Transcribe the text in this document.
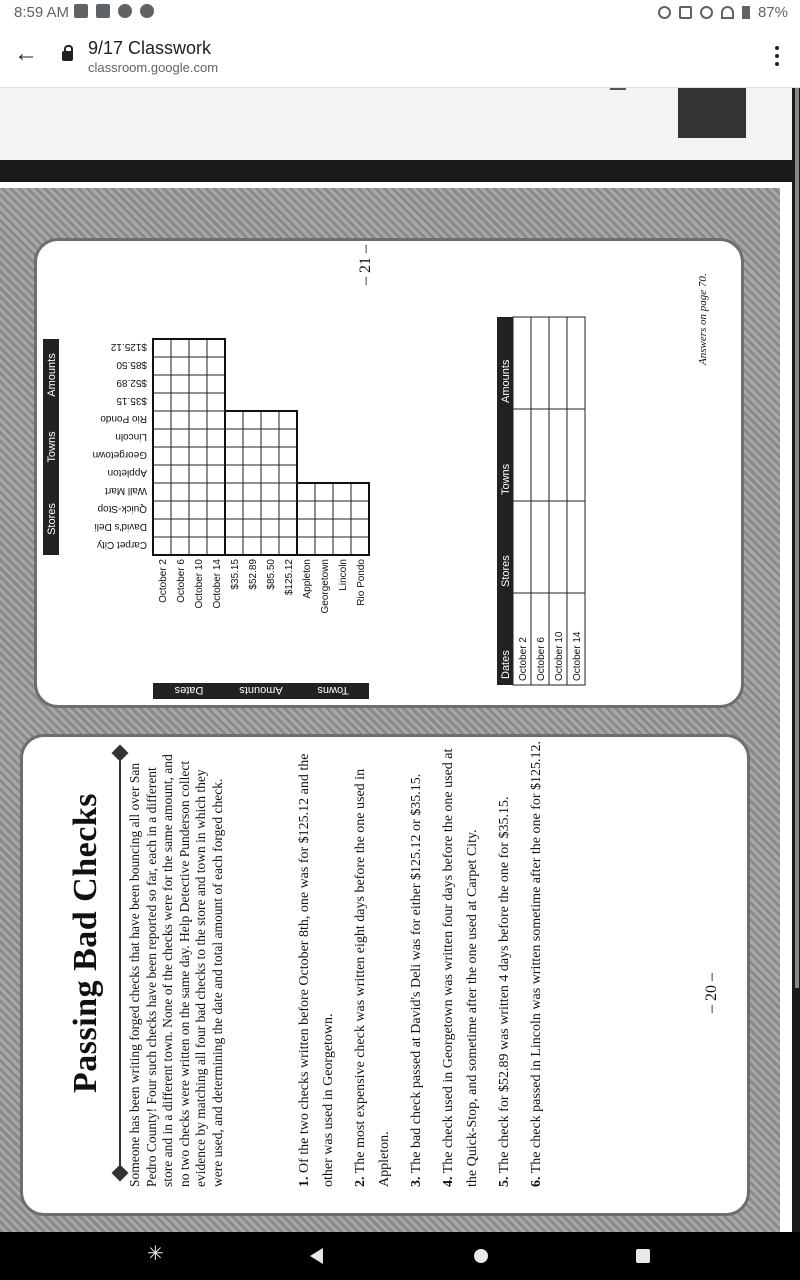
8:59 AM	87%
←	9/17 Classwork
classroom.google.com
Passing Bad Checks Someone has been writing forged checks that have been bouncing all over San Pedro County! Four such checks have been reported so far, each in a different store and in a different town. None of the checks were for the same amount, and no two checks were written on the same day. Help Detective Punderson collect evidence by matching all four bad checks to the store and town in which they were used, and determining the date and total amount of each forged check.	1. Of the two checks written before October 8th, one was for $125.12 and the other was used in Georgetown.	2. The most expensive check was written eight days before the one used in Appleton.	3. The bad check passed at David's Deli was for either $125.12 or $35.15.
4. The check used in Georgetown was written four days before the one used at the Quick-Stop, and sometime after the one used at Carpet City.	5. The check for $52.89 was written 4 days before the one for $35.15.
6. The check passed in Lincoln was written sometime after the one for $125.12.	– 20 –
Stores
Towns
Amounts
Carpet City
David's Deli
Quick-Stop
Wall Mart
Appleton
Georgetown
Lincoln
Rio Pondo
$35.15
$52.89
$85.50
$125.12
Dates	Amounts	Towns
October 2 October 6 October 10 October 14 $35.15 $52.89 $85.50 $125.12 Appleton Georgetown Lincoln Rio Pondo
Dates
Stores
Towns
Amounts
October 2 October 6 October 10 October 14
– 21 –
Answers on page 70.
✳
